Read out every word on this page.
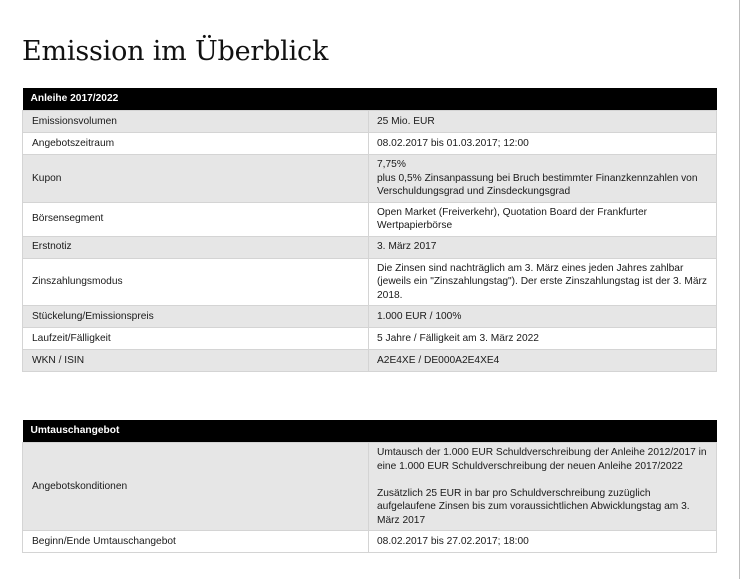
Emission im Überblick
Anleihe 2017/2022	
Emissionsvolumen	25 Mio. EUR
Angebotszeitraum	08.02.2017 bis 01.03.2017; 12:00
Kupon	7,75%
plus 0,5% Zinsanpassung bei Bruch bestimmter Finanzkennzahlen von Verschuldungsgrad und Zinsdeckungsgrad
Börsensegment	Open Market (Freiverkehr), Quotation Board der Frankfurter Wertpapierbörse
Erstnotiz	3. März 2017
Zinszahlungsmodus	Die Zinsen sind nachträglich am 3. März eines jeden Jahres zahlbar (jeweils ein "Zinszahlungstag"). Der erste Zinszahlungstag ist der 3. März 2018.
Stückelung/Emissionspreis	1.000 EUR / 100%
Laufzeit/Fälligkeit	5 Jahre / Fälligkeit am 3. März 2022
WKN / ISIN	A2E4XE / DE000A2E4XE4
Umtauschangebot	
Angebotskonditionen	Umtausch der 1.000 EUR Schuldverschreibung der Anleihe 2012/2017 in eine 1.000 EUR Schuldverschreibung der neuen Anleihe 2017/2022
Zusätzlich 25 EUR in bar pro Schuldverschreibung zuzüglich aufgelaufene Zinsen bis zum voraussichtlichen Abwicklungstag am 3. März 2017
Beginn/Ende Umtauschangebot	08.02.2017 bis 27.02.2017; 18:00
